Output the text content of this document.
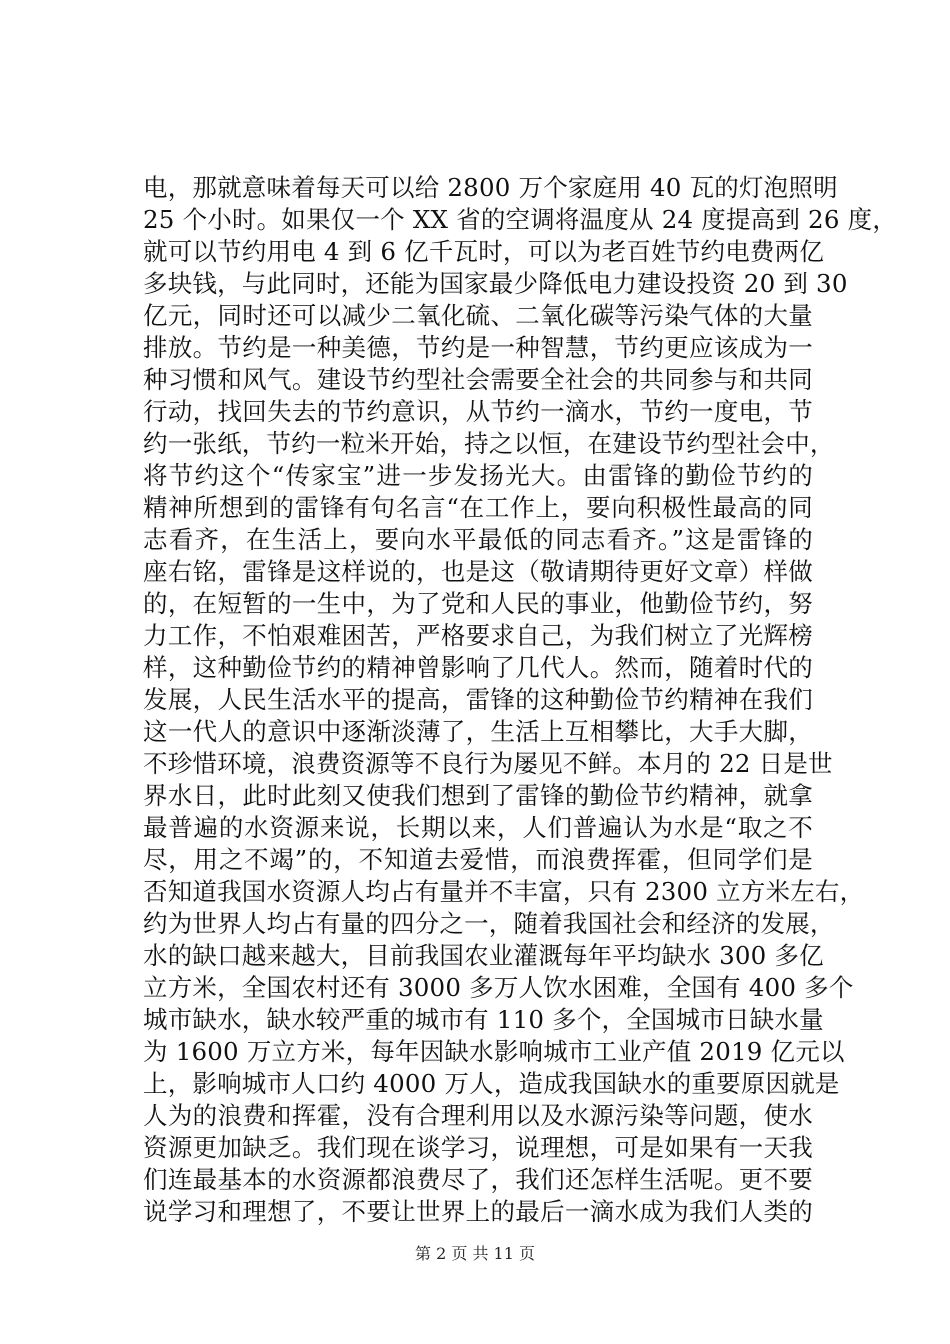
电，那就意味着每天可以给 2800 万个家庭用 40 瓦的灯泡照明
25 个小时。如果仅一个 XX 省的空调将温度从 24 度提高到 26 度，
就可以节约用电 4 到 6 亿千瓦时，可以为老百姓节约电费两亿
多块钱，与此同时，还能为国家最少降低电力建设投资 20 到 30
亿元，同时还可以减少二氧化硫、二氧化碳等污染气体的大量
排放。节约是一种美德，节约是一种智慧，节约更应该成为一
种习惯和风气。建设节约型社会需要全社会的共同参与和共同
行动，找回失去的节约意识，从节约一滴水，节约一度电，节
约一张纸，节约一粒米开始，持之以恒，在建设节约型社会中，
将节约这个“传家宝”进一步发扬光大。由雷锋的勤俭节约的
精神所想到的雷锋有句名言“在工作上，要向积极性最高的同
志看齐，在生活上，要向水平最低的同志看齐。”这是雷锋的
座右铭，雷锋是这样说的，也是这（敬请期待更好文章）样做
的，在短暂的一生中，为了党和人民的事业，他勤俭节约，努
力工作，不怕艰难困苦，严格要求自己，为我们树立了光辉榜
样，这种勤俭节约的精神曾影响了几代人。然而，随着时代的
发展，人民生活水平的提高，雷锋的这种勤俭节约精神在我们
这一代人的意识中逐渐淡薄了，生活上互相攀比，大手大脚，
不珍惜环境，浪费资源等不良行为屡见不鲜。本月的 22 日是世
界水日，此时此刻又使我们想到了雷锋的勤俭节约精神，就拿
最普遍的水资源来说，长期以来，人们普遍认为水是“取之不
尽，用之不竭”的，不知道去爱惜，而浪费挥霍，但同学们是
否知道我国水资源人均占有量并不丰富，只有 2300 立方米左右，
约为世界人均占有量的四分之一，随着我国社会和经济的发展，
水的缺口越来越大，目前我国农业灌溉每年平均缺水 300 多亿
立方米，全国农村还有 3000 多万人饮水困难，全国有 400 多个
城市缺水，缺水较严重的城市有 110 多个，全国城市日缺水量
为 1600 万立方米，每年因缺水影响城市工业产值 2019 亿元以
上，影响城市人口约 4000 万人，造成我国缺水的重要原因就是
人为的浪费和挥霍，没有合理利用以及水源污染等问题，使水
资源更加缺乏。我们现在谈学习，说理想，可是如果有一天我
们连最基本的水资源都浪费尽了，我们还怎样生活呢。更不要
说学习和理想了，不要让世界上的最后一滴水成为我们人类的
第 2 页 共 11 页
